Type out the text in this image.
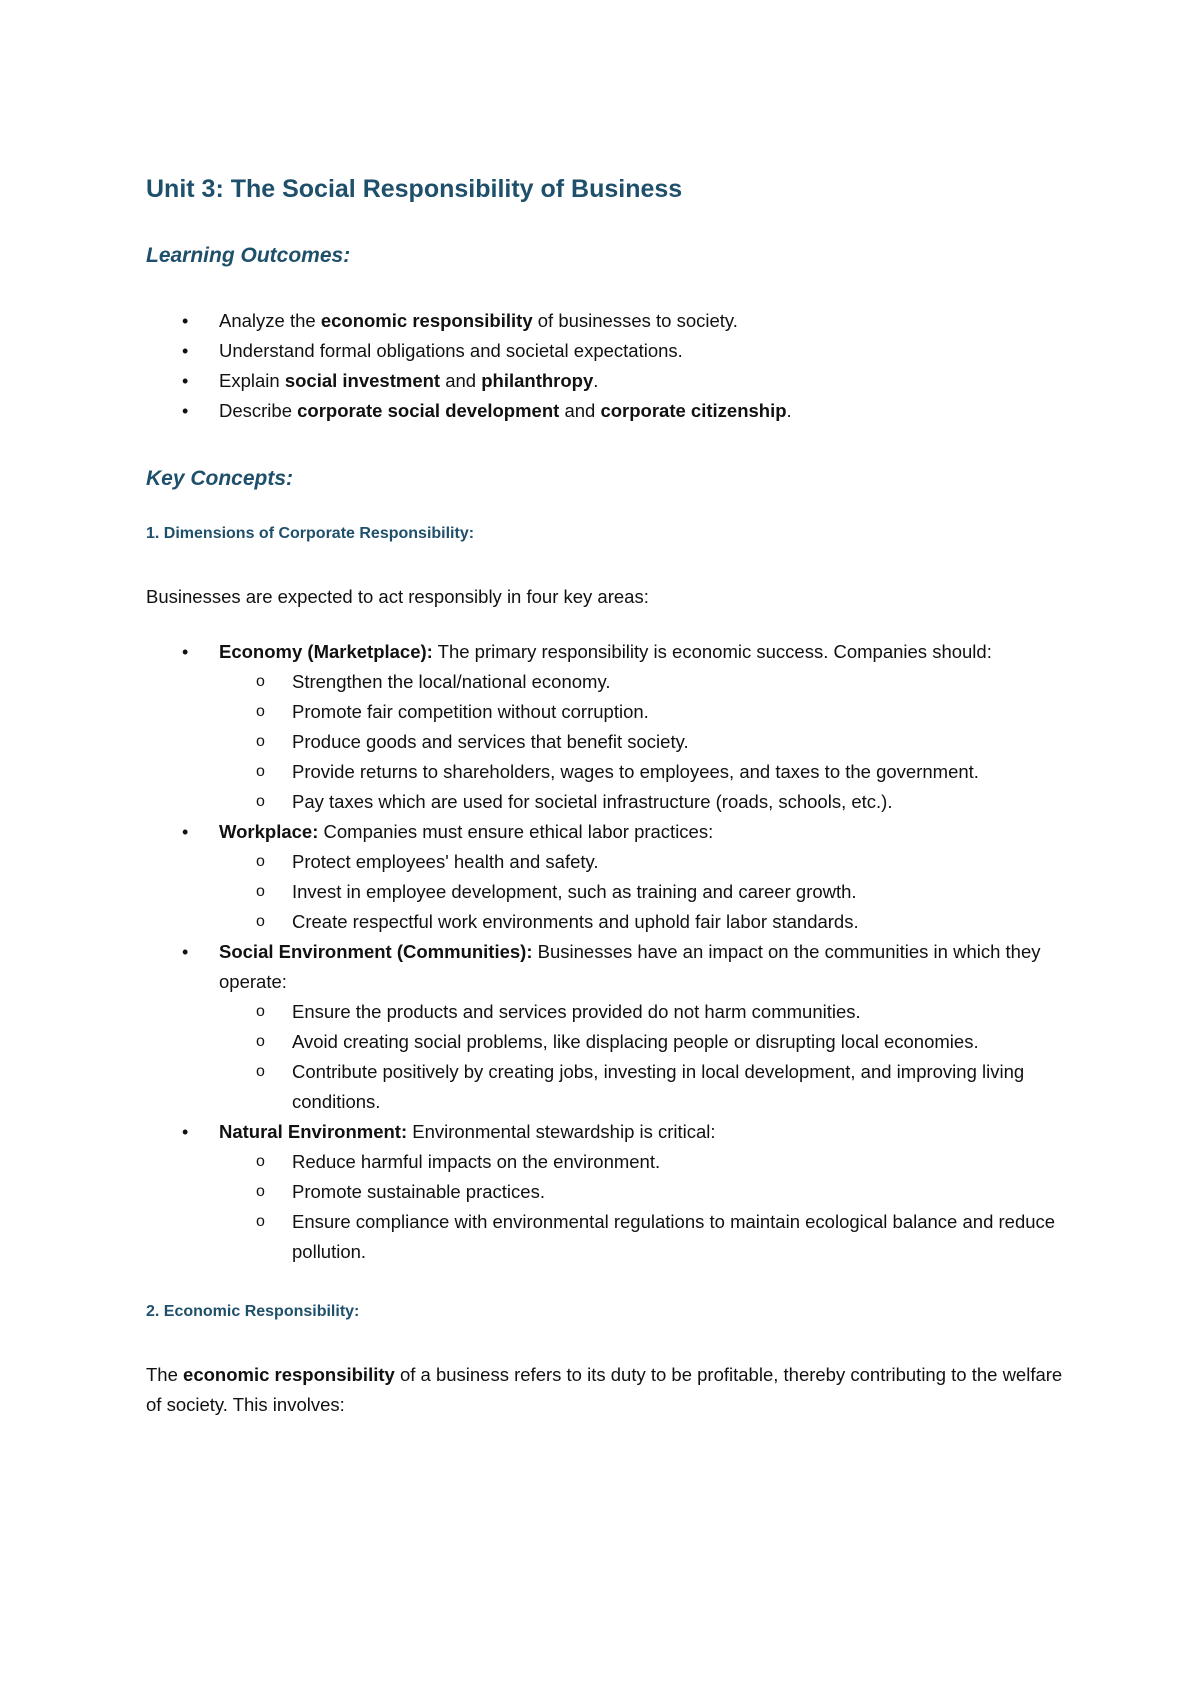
Unit 3: The Social Responsibility of Business
Learning Outcomes:
• Analyze the economic responsibility of businesses to society.
• Understand formal obligations and societal expectations.
• Explain social investment and philanthropy.
• Describe corporate social development and corporate citizenship.
Key Concepts:
1. Dimensions of Corporate Responsibility:

Businesses are expected to act responsibly in four key areas:

• Economy (Marketplace): The primary responsibility is economic success. Companies should:
o Strengthen the local/national economy.
o Promote fair competition without corruption.
o Produce goods and services that benefit society.
o Provide returns to shareholders, wages to employees, and taxes to the government.
o Pay taxes which are used for societal infrastructure (roads, schools, etc.).
• Workplace: Companies must ensure ethical labor practices:
o Protect employees' health and safety.
o Invest in employee development, such as training and career growth.
o Create respectful work environments and uphold fair labor standards.
• Social Environment (Communities): Businesses have an impact on the communities in which they operate:
o Ensure the products and services provided do not harm communities.
o Avoid creating social problems, like displacing people or disrupting local economies.
o Contribute positively by creating jobs, investing in local development, and improving living conditions.
• Natural Environment: Environmental stewardship is critical:
o Reduce harmful impacts on the environment.
o Promote sustainable practices.
o Ensure compliance with environmental regulations to maintain ecological balance and reduce pollution.
2. Economic Responsibility:

The economic responsibility of a business refers to its duty to be profitable, thereby contributing to the welfare of society. This involves:
